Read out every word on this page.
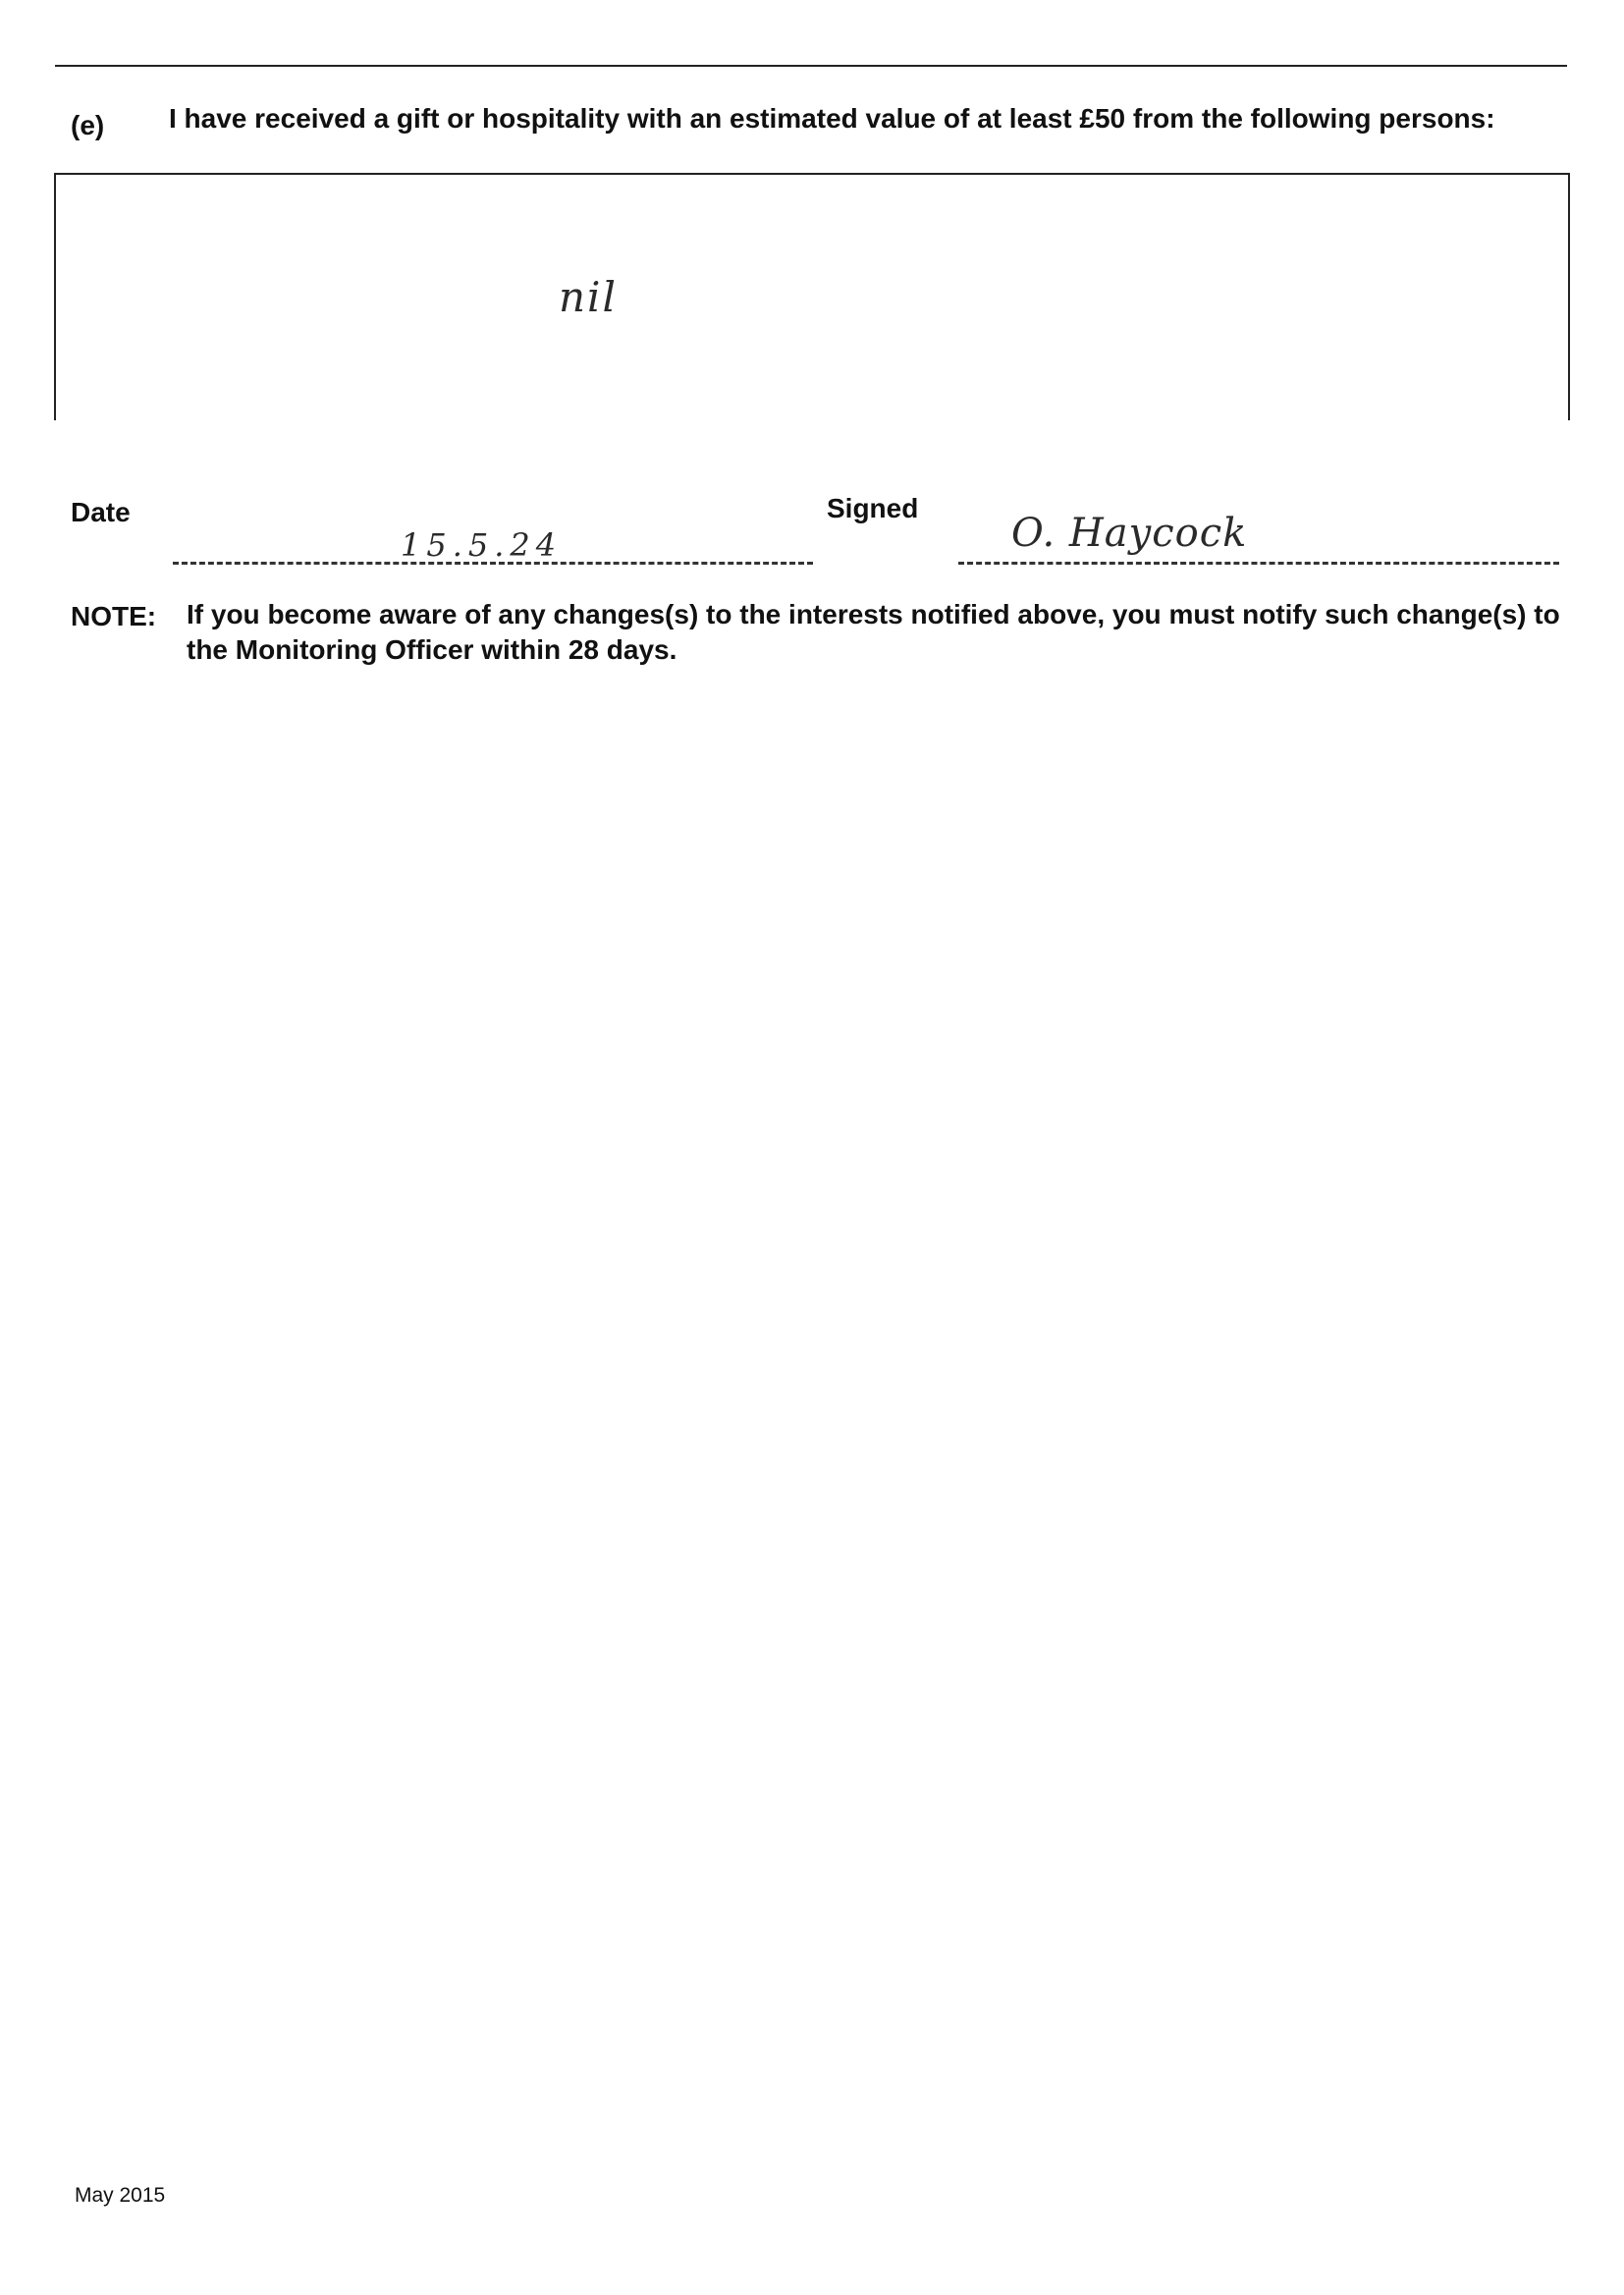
(e) I have received a gift or hospitality with an estimated value of at least £50 from the following persons:
nil
Date
15.5.24
Signed
O. Haycock
NOTE: If you become aware of any changes(s) to the interests notified above, you must notify such change(s) to the Monitoring Officer within 28 days.
May 2015
